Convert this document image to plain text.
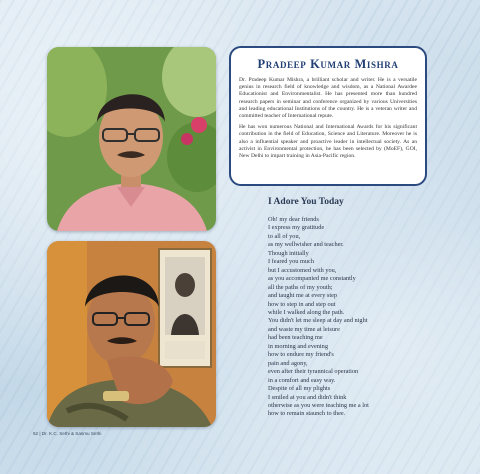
Pradeep Kumar Mishra

Dr. Pradeep Kumar Mishra, a brilliant scholar and writer. He is a versatile genius in research field of knowledge and wisdom, as a National Awardee Educationist and Environmentalist. He has presented more than hundred research papers in seminar and conference organized by various Universities and leading educational Institutions of the country. He is a veteran writer and committed teacher of International repute.

He has won numerous National and International Awards for his significant contribution in the field of Education, Science and Literature. Moreover he is also a influential speaker and proactive leader in intellectual society. As an activist in Environmental protection, he has been selected by (MoEF), GOI, New Delhi to impart training in Asia-Pacific region.

I Adore You Today
Oh! my dear friends
I express my gratitude
to all of you,
as my wellwisher and teacher.
Though initially
I feared you much
but I accustomed with you,
as you accompanied me constantly
all the paths of my youth;
and taught me at every step
how to step in and step out
while I walked along the path.
You didn't let me sleep at day and night
and waste my time at leisure
had been teaching me
in morning and evening
how to endure my friend's
pain and agony,
even after their tyrannical operation
in a comfort and easy way.
Despite of all my plights
I smiled at you and didn't think
otherwise as you were teaching me a lot
how to remain staunch to thee.
52 | Dr. K.C. Sethi & Sasmu Sethi
